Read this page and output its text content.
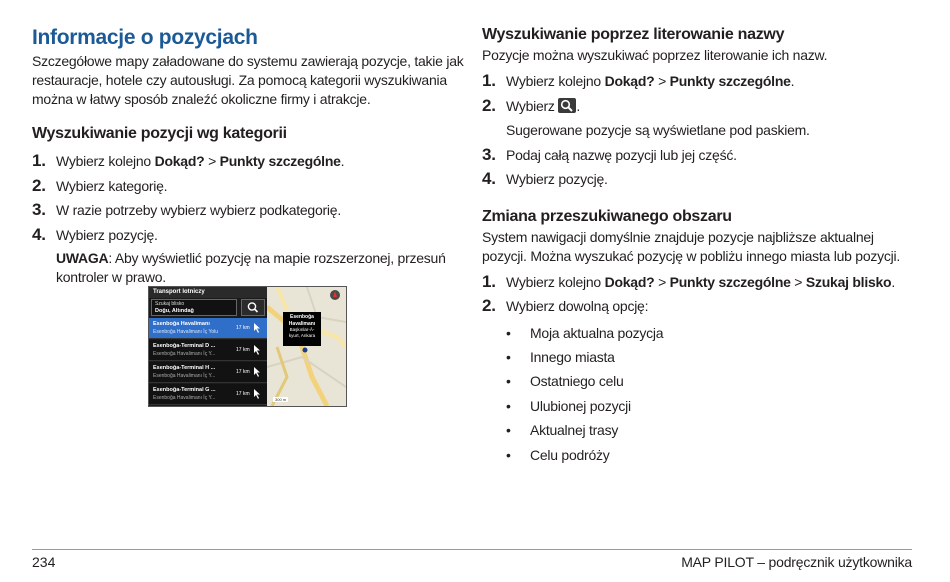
Informacje o pozycjach

Szczegółowe mapy załadowane do systemu zawierają pozycje, takie jak restauracje, hotele czy autousługi. Za pomocą kategorii wyszukiwania można w łatwy sposób znaleźć okoliczne firmy i atrakcje.

Wyszukiwanie pozycji wg kategorii
1. Wybierz kolejno Dokąd? > Punkty szczególne.
2. Wybierz kategorię.
3. W razie potrzeby wybierz wybierz podkategorię.
4. Wybierz pozycję.
UWAGA: Aby wyświetlić pozycję na mapie rozszerzonej, przesuń kontroler w prawo.
Transport lotniczy
Szukaj blisko
Doğu, Altındağ
Esenboğa Havalimanı
Esenboğa Havalimanı İç Yolu
17 km
Esenboğa-Terminal D ...
Esenboğa Havalimanı İç Y...
17 km
Esenboğa-Terminal H ...
Esenboğa Havalimanı İç Y...
17 km
Esenboğa-Terminal G ...
Esenboğa Havalimanı İç Y...
17 km
Esenboğa Havalimanı
Başkınlar-Â-
kyurt, Ankara
300 m
Wyszukiwanie poprzez literowanie nazwy

Pozycje można wyszukiwać poprzez literowanie ich nazw.

1. Wybierz kolejno Dokąd? > Punkty szczególne.
2. Wybierz
.
Sugerowane pozycje są wyświetlane pod paskiem.
3. Podaj całą nazwę pozycji lub jej część.
4. Wybierz pozycję.
Zmiana przeszukiwanego obszaru

System nawigacji domyślnie znajduje pozycje najbliższe aktualnej pozycji. Można wyszukać pozycję w pobliżu innego miasta lub pozycji.

1. Wybierz kolejno Dokąd? > Punkty szczególne > Szukaj blisko.
2. Wybierz dowolną opcję:
• Moja aktualna pozycja
• Innego miasta
• Ostatniego celu
• Ulubionej pozycji
• Aktualnej trasy
• Celu podróży
234	MAP PILOT – podręcznik użytkownika
